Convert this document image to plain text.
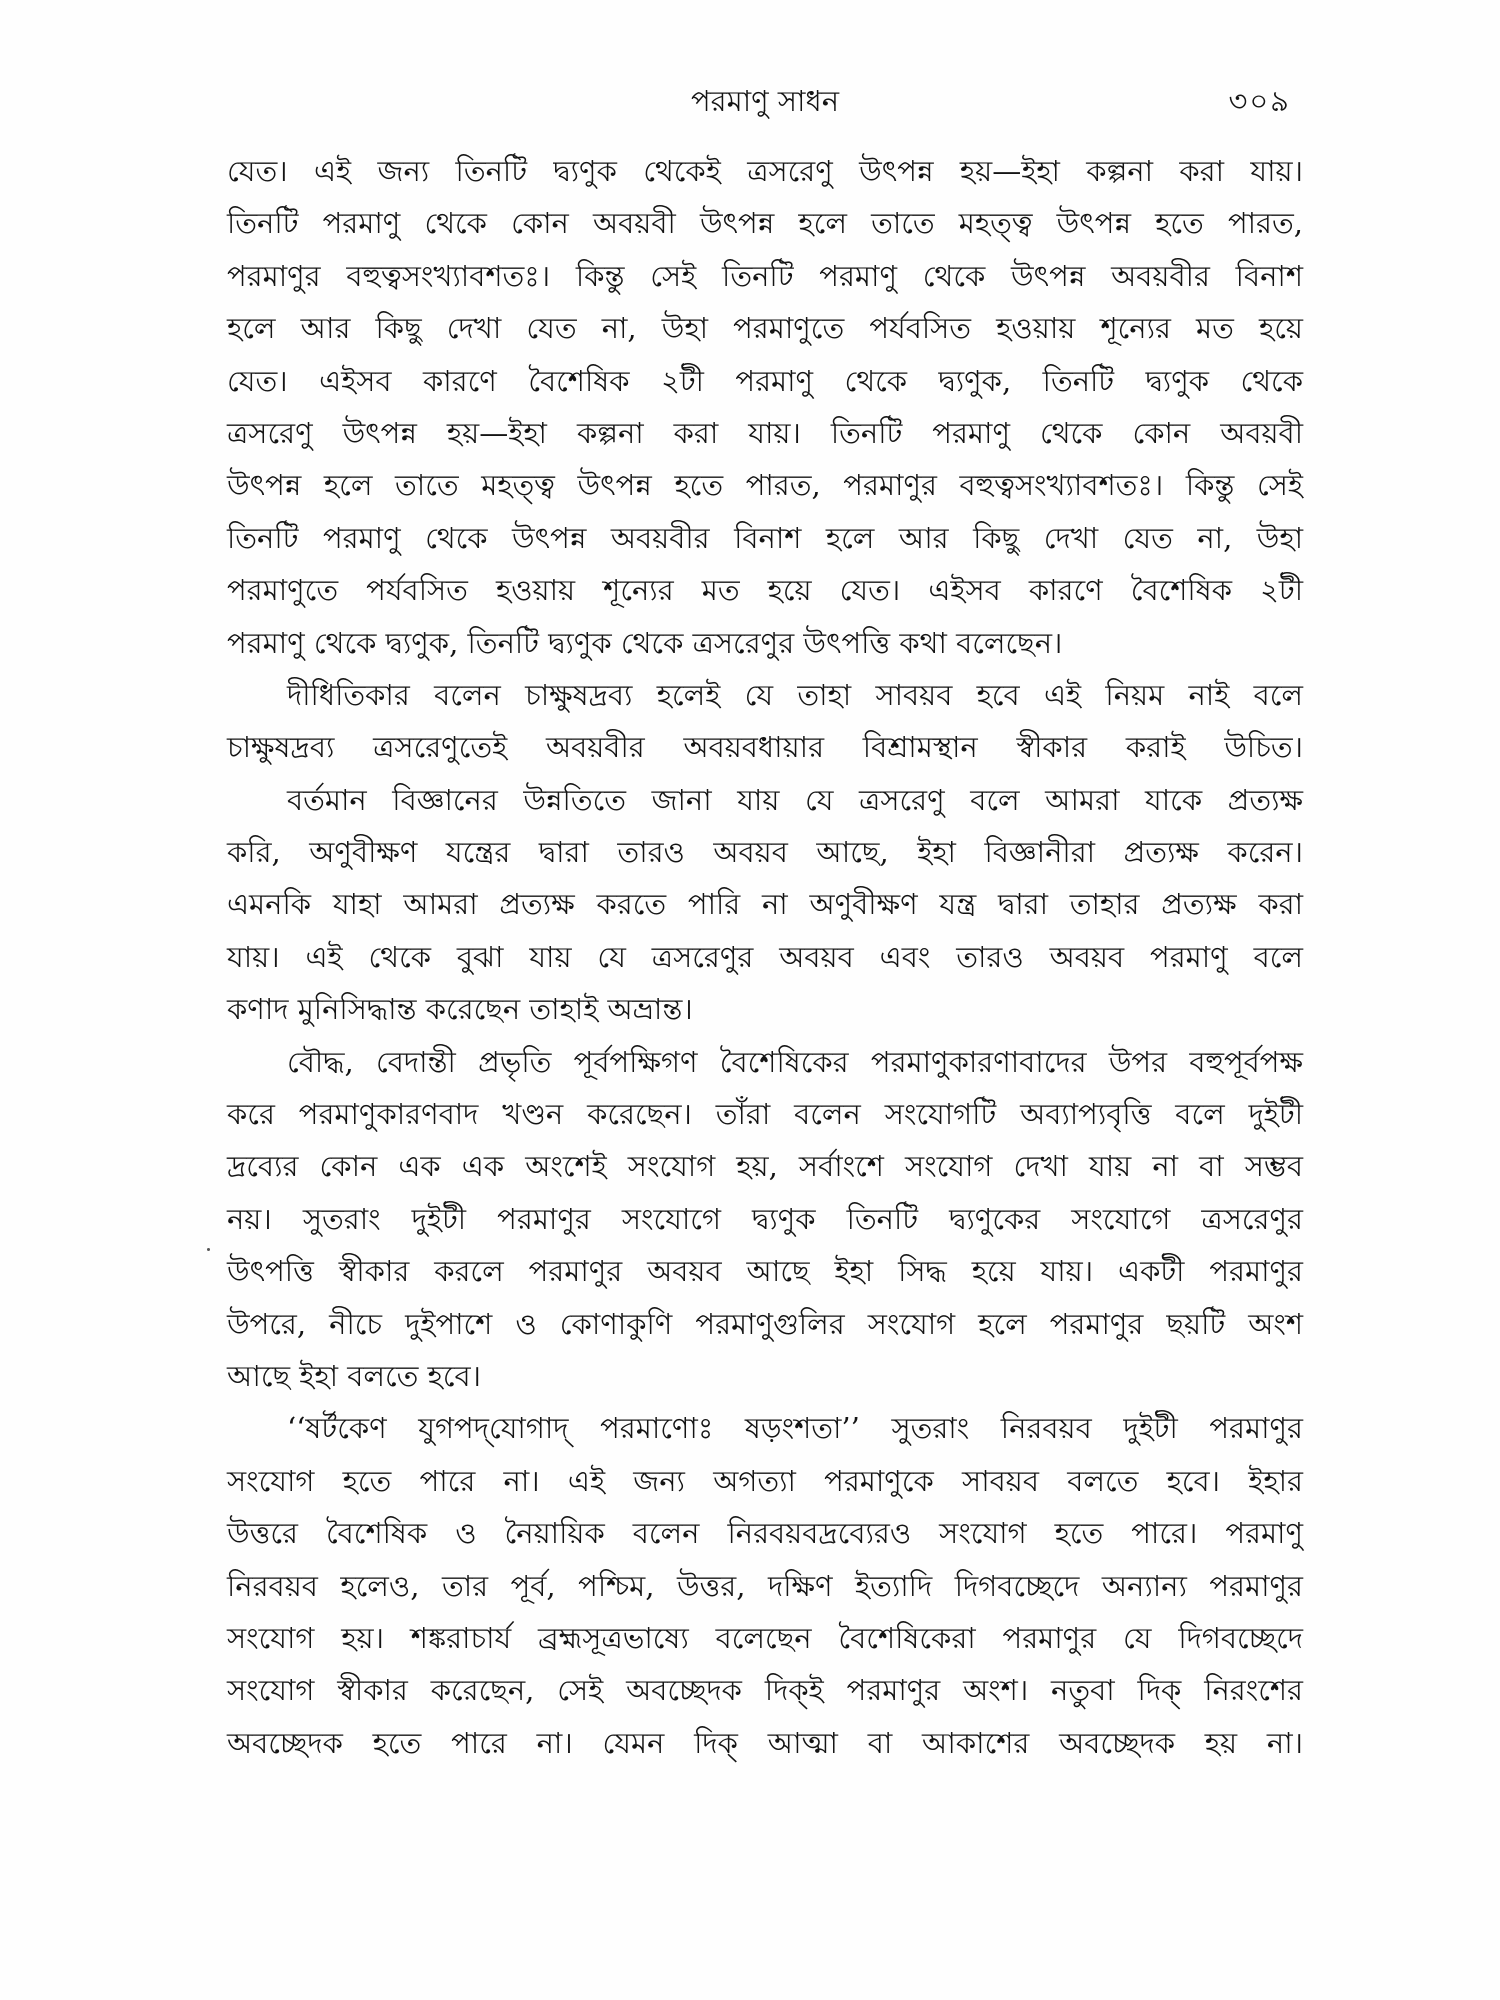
পরমাণু সাধন	৩০৯
যেত। এই জন্য তিনটি দ্ব্যণুক থেকেই ত্রসরেণু উৎপন্ন হয়—ইহা কল্পনা করা যায়।
তিনটি পরমাণু থেকে কোন অবয়বী উৎপন্ন হলে তাতে মহত্ত্ব উৎপন্ন হতে পারত,
পরমাণুর বহুত্বসংখ্যাবশতঃ। কিন্তু সেই তিনটি পরমাণু থেকে উৎপন্ন অবয়বীর বিনাশ
হলে আর কিছু দেখা যেত না, উহা পরমাণুতে পর্যবসিত হওয়ায় শূন্যের মত হয়ে
যেত। এইসব কারণে বৈশেষিক ২টী পরমাণু থেকে দ্ব্যণুক, তিনটি দ্ব্যণুক থেকে
ত্রসরেণু উৎপন্ন হয়—ইহা কল্পনা করা যায়। তিনটি পরমাণু থেকে কোন অবয়বী
উৎপন্ন হলে তাতে মহত্ত্ব উৎপন্ন হতে পারত, পরমাণুর বহুত্বসংখ্যাবশতঃ। কিন্তু সেই
তিনটি পরমাণু থেকে উৎপন্ন অবয়বীর বিনাশ হলে আর কিছু দেখা যেত না, উহা
পরমাণুতে পর্যবসিত হওয়ায় শূন্যের মত হয়ে যেত। এইসব কারণে বৈশেষিক ২টী
পরমাণু থেকে দ্ব্যণুক, তিনটি দ্ব্যণুক থেকে ত্রসরেণুর উৎপত্তি কথা বলেছেন।
দীধিতিকার বলেন চাক্ষুষদ্রব্য হলেই যে তাহা সাবয়ব হবে এই নিয়ম নাই বলে
চাক্ষুষদ্রব্য ত্রসরেণুতেই অবয়বীর অবয়বধায়ার বিশ্রামস্থান স্বীকার করাই উচিত।
বর্তমান বিজ্ঞানের উন্নতিতে জানা যায় যে ত্রসরেণু বলে আমরা যাকে প্রত্যক্ষ
করি, অণুবীক্ষণ যন্ত্রের দ্বারা তারও অবয়ব আছে, ইহা বিজ্ঞানীরা প্রত্যক্ষ করেন।
এমনকি যাহা আমরা প্রত্যক্ষ করতে পারি না অণুবীক্ষণ যন্ত্র দ্বারা তাহার প্রত্যক্ষ করা
যায়। এই থেকে বুঝা যায় যে ত্রসরেণুর অবয়ব এবং তারও অবয়ব পরমাণু বলে
কণাদ মুনিসিদ্ধান্ত করেছেন তাহাই অভ্রান্ত।
বৌদ্ধ, বেদান্তী প্রভৃতি পূর্বপক্ষিগণ বৈশেষিকের পরমাণুকারণাবাদের উপর বহুপূর্বপক্ষ
করে পরমাণুকারণবাদ খণ্ডন করেছেন। তাঁরা বলেন সংযোগটি অব্যাপ্যবৃত্তি বলে দুইটী
দ্রব্যের কোন এক এক অংশেই সংযোগ হয়, সর্বাংশে সংযোগ দেখা যায় না বা সম্ভব
নয়। সুতরাং দুইটী পরমাণুর সংযোগে দ্ব্যণুক তিনটি দ্ব্যণুকের সংযোগে ত্রসরেণুর
উৎপত্তি স্বীকার করলে পরমাণুর অবয়ব আছে ইহা সিদ্ধ হয়ে যায়। একটী পরমাণুর
উপরে, নীচে দুইপাশে ও কোণাকুণি পরমাণুগুলির সংযোগ হলে পরমাণুর ছয়টি অংশ
আছে ইহা বলতে হবে।
‘‘ষর্টকেণ যুগপদ্‌যোগাদ্‌ পরমাণোঃ ষড়ংশতা’’ সুতরাং নিরবয়ব দুইটী পরমাণুর
সংযোগ হতে পারে না। এই জন্য অগত্যা পরমাণুকে সাবয়ব বলতে হবে। ইহার
উত্তরে বৈশেষিক ও নৈয়ায়িক বলেন নিরবয়বদ্রব্যেরও সংযোগ হতে পারে। পরমাণু
নিরবয়ব হলেও, তার পূর্ব, পশ্চিম, উত্তর, দক্ষিণ ইত্যাদি দিগবচ্ছেদে অন্যান্য পরমাণুর
সংযোগ হয়। শঙ্করাচার্য ব্রহ্মসূত্রভাষ্যে বলেছেন বৈশেষিকেরা পরমাণুর যে দিগবচ্ছেদে
সংযোগ স্বীকার করেছেন, সেই অবচ্ছেদক দিক্‌ই পরমাণুর অংশ। নতুবা দিক্‌ নিরংশের
অবচ্ছেদক হতে পারে না। যেমন দিক্‌ আত্মা বা আকাশের অবচ্ছেদক হয় না।
